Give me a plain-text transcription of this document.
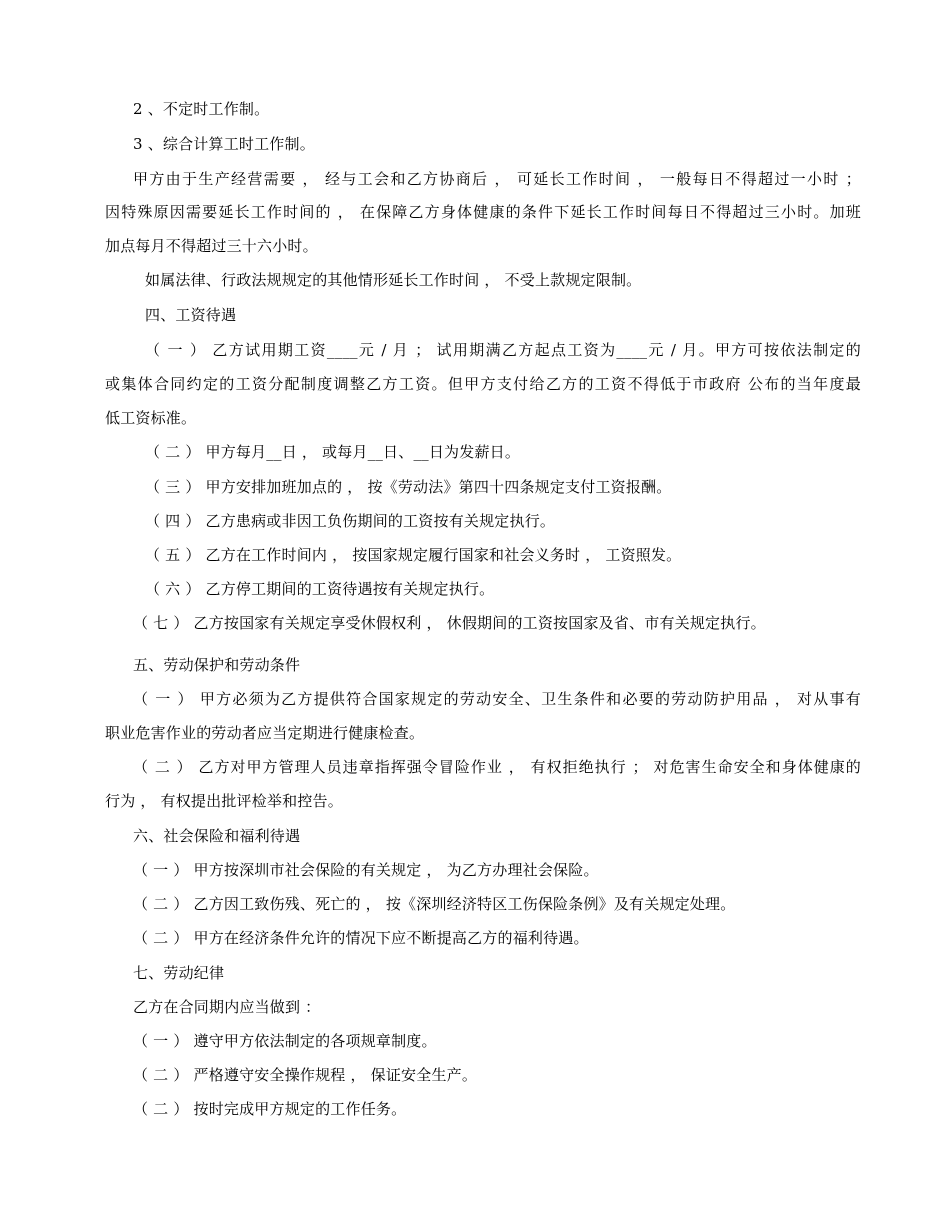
2 、不定时工作制。
3 、综合计算工时工作制。
甲方由于生产经营需要 ， 经与工会和乙方协商后 ， 可延长工作时间 ， 一般每日不得超过一小时 ；
因特殊原因需要延长工作时间的 ， 在保障乙方身体健康的条件下延长工作时间每日不得超过三小时。加班
加点每月不得超过三十六小时。
如属法律、行政法规规定的其他情形延长工作时间 ， 不受上款规定限制。
四、工资待遇
（ 一 ） 乙方试用期工资____元 / 月 ； 试用期满乙方起点工资为____元 / 月。甲方可按依法制定的
或集体合同约定的工资分配制度调整乙方工资。但甲方支付给乙方的工资不得低于市政府 公布的当年度最
低工资标准。
（ 二 ） 甲方每月__日 ， 或每月__日、__日为发薪日。
（ 三 ） 甲方安排加班加点的 ， 按《劳动法》第四十四条规定支付工资报酬。
（ 四 ） 乙方患病或非因工负伤期间的工资按有关规定执行。
（ 五 ） 乙方在工作时间内 ， 按国家规定履行国家和社会义务时 ， 工资照发。
（ 六 ） 乙方停工期间的工资待遇按有关规定执行。
（ 七 ） 乙方按国家有关规定享受休假权利 ， 休假期间的工资按国家及省、市有关规定执行。
五、劳动保护和劳动条件
（ 一 ） 甲方必须为乙方提供符合国家规定的劳动安全、卫生条件和必要的劳动防护用品 ， 对从事有
职业危害作业的劳动者应当定期进行健康检查。
（ 二 ） 乙方对甲方管理人员违章指挥强令冒险作业 ， 有权拒绝执行 ； 对危害生命安全和身体健康的
行为 ， 有权提出批评检举和控告。
六、社会保险和福利待遇
（ 一 ） 甲方按深圳市社会保险的有关规定 ， 为乙方办理社会保险。
（ 二 ） 乙方因工致伤残、死亡的 ， 按《深圳经济特区工伤保险条例》及有关规定处理。
（ 二 ） 甲方在经济条件允许的情况下应不断提高乙方的福利待遇。
七、劳动纪律
乙方在合同期内应当做到 ：
（ 一 ） 遵守甲方依法制定的各项规章制度。
（ 二 ） 严格遵守安全操作规程 ， 保证安全生产。
（ 二 ） 按时完成甲方规定的工作任务。
